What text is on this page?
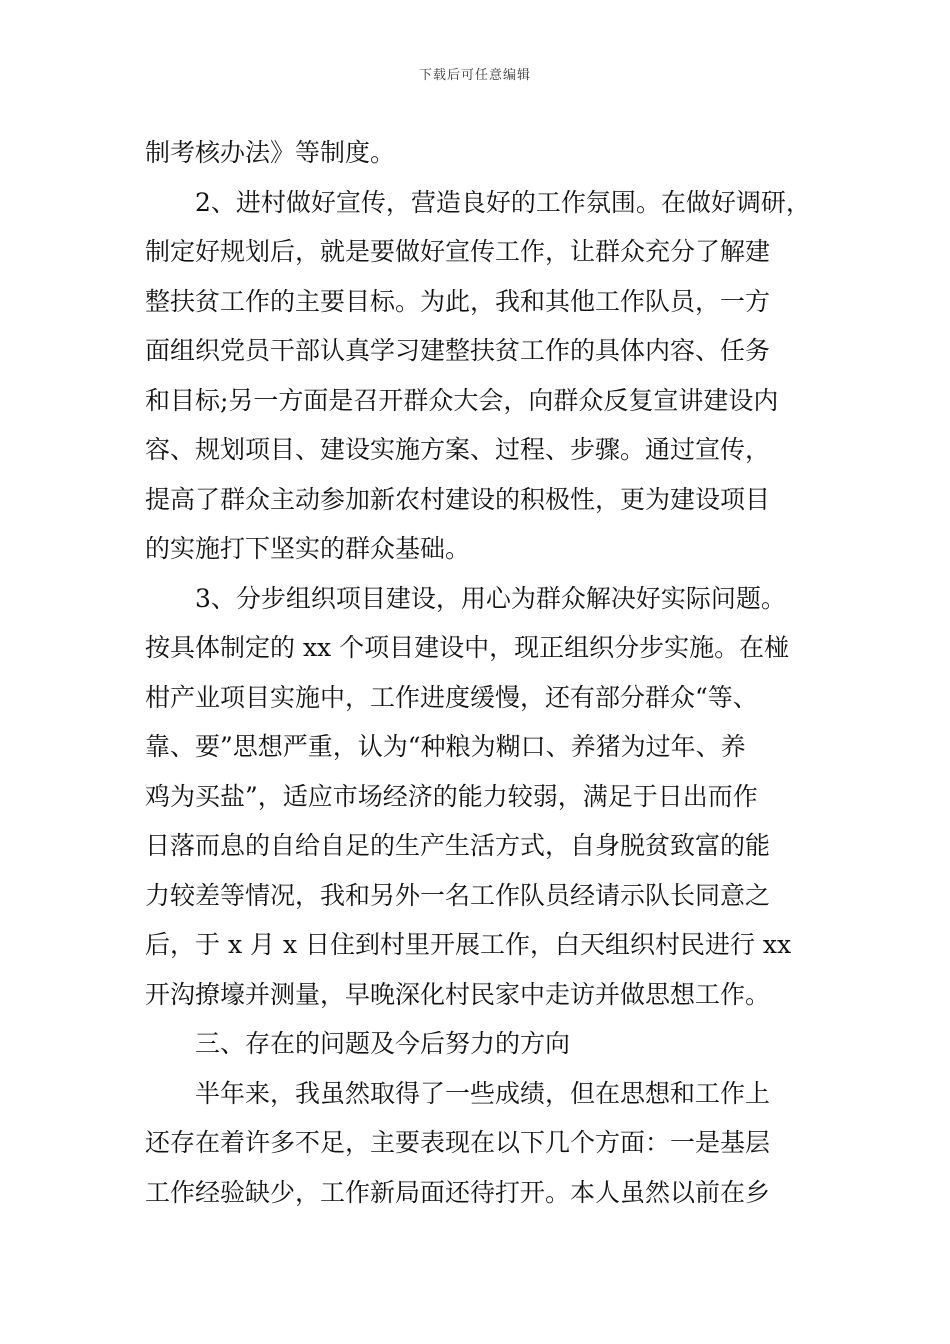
下载后可任意编辑
制考核办法》等制度。
2、进村做好宣传，营造良好的工作氛围。在做好调研，
制定好规划后，就是要做好宣传工作，让群众充分了解建
整扶贫工作的主要目标。为此，我和其他工作队员，一方
面组织党员干部认真学习建整扶贫工作的具体内容、任务
和目标;另一方面是召开群众大会，向群众反复宣讲建设内
容、规划项目、建设实施方案、过程、步骤。通过宣传，
提高了群众主动参加新农村建设的积极性，更为建设项目
的实施打下坚实的群众基础。
3、分步组织项目建设，用心为群众解决好实际问题。
按具体制定的 xx 个项目建设中，现正组织分步实施。在椪
柑产业项目实施中，工作进度缓慢，还有部分群众“等、
靠、要”思想严重，认为“种粮为糊口、养猪为过年、养
鸡为买盐”，适应市场经济的能力较弱，满足于日出而作
日落而息的自给自足的生产生活方式，自身脱贫致富的能
力较差等情况，我和另外一名工作队员经请示队长同意之
后，于 x 月 x 日住到村里开展工作，白天组织村民进行 xx
开沟撩壕并测量，早晚深化村民家中走访并做思想工作。
三、存在的问题及今后努力的方向
半年来，我虽然取得了一些成绩，但在思想和工作上
还存在着许多不足，主要表现在以下几个方面：一是基层
工作经验缺少，工作新局面还待打开。本人虽然以前在乡
